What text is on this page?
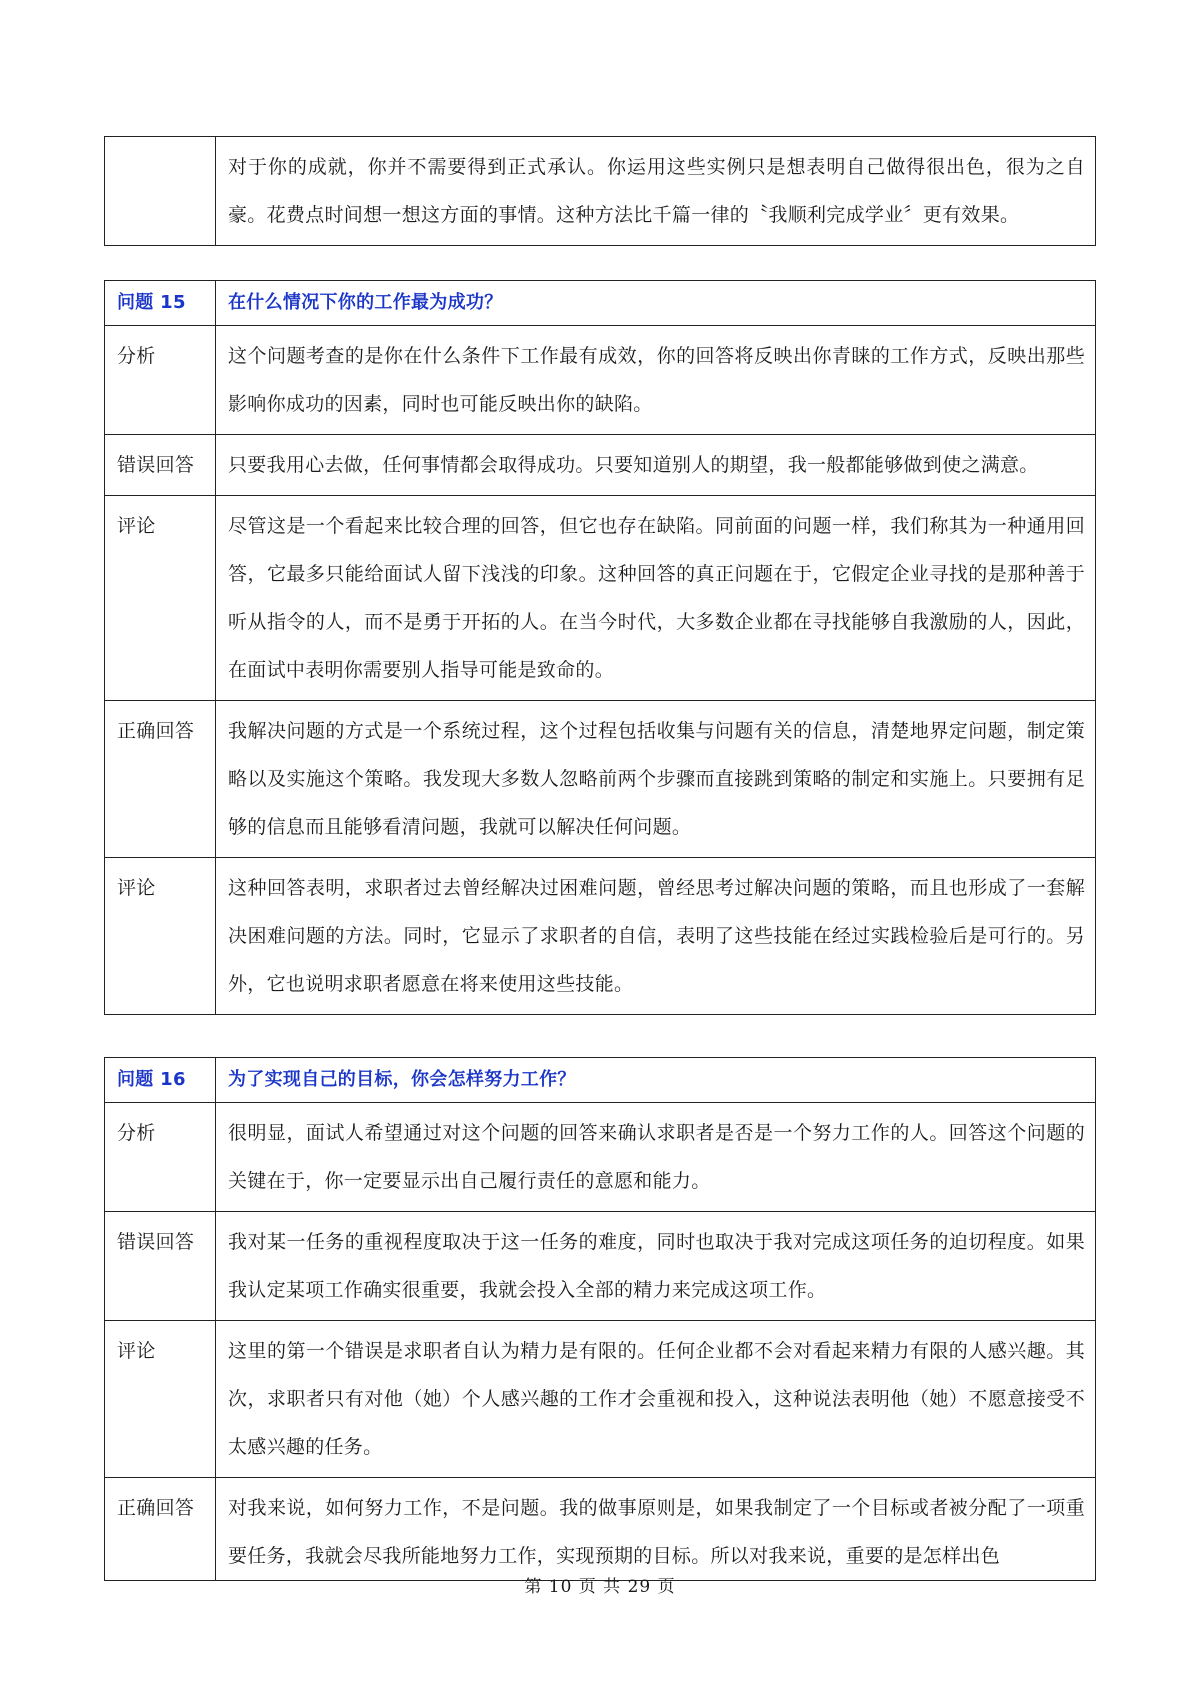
	对于你的成就，你并不需要得到正式承认。你运用这些实例只是想表明自己做得很出色，很为之自豪。花费点时间想一想这方面的事情。这种方法比千篇一律的〝我顺利完成学业〞更有效果。
问题 15	在什么情况下你的工作最为成功？
分析	这个问题考查的是你在什么条件下工作最有成效，你的回答将反映出你青睐的工作方式，反映出那些影响你成功的因素，同时也可能反映出你的缺陷。
错误回答	只要我用心去做，任何事情都会取得成功。只要知道别人的期望，我一般都能够做到使之满意。
评论	尽管这是一个看起来比较合理的回答，但它也存在缺陷。同前面的问题一样，我们称其为一种通用回答，它最多只能给面试人留下浅浅的印象。这种回答的真正问题在于，它假定企业寻找的是那种善于听从指令的人，而不是勇于开拓的人。在当今时代，大多数企业都在寻找能够自我激励的人，因此，在面试中表明你需要别人指导可能是致命的。
正确回答	我解决问题的方式是一个系统过程，这个过程包括收集与问题有关的信息，清楚地界定问题，制定策略以及实施这个策略。我发现大多数人忽略前两个步骤而直接跳到策略的制定和实施上。只要拥有足够的信息而且能够看清问题，我就可以解决任何问题。
评论	这种回答表明，求职者过去曾经解决过困难问题，曾经思考过解决问题的策略，而且也形成了一套解决困难问题的方法。同时，它显示了求职者的自信，表明了这些技能在经过实践检验后是可行的。另外，它也说明求职者愿意在将来使用这些技能。
问题 16	为了实现自己的目标，你会怎样努力工作？
分析	很明显，面试人希望通过对这个问题的回答来确认求职者是否是一个努力工作的人。回答这个问题的关键在于，你一定要显示出自己履行责任的意愿和能力。
错误回答	我对某一任务的重视程度取决于这一任务的难度，同时也取决于我对完成这项任务的迫切程度。如果我认定某项工作确实很重要，我就会投入全部的精力来完成这项工作。
评论	这里的第一个错误是求职者自认为精力是有限的。任何企业都不会对看起来精力有限的人感兴趣。其次，求职者只有对他（她）个人感兴趣的工作才会重视和投入，这种说法表明他（她）不愿意接受不太感兴趣的任务。
正确回答	对我来说，如何努力工作，不是问题。我的做事原则是，如果我制定了一个目标或者被分配了一项重要任务，我就会尽我所能地努力工作，实现预期的目标。所以对我来说，重要的是怎样出色
第 10 页 共 29 页
